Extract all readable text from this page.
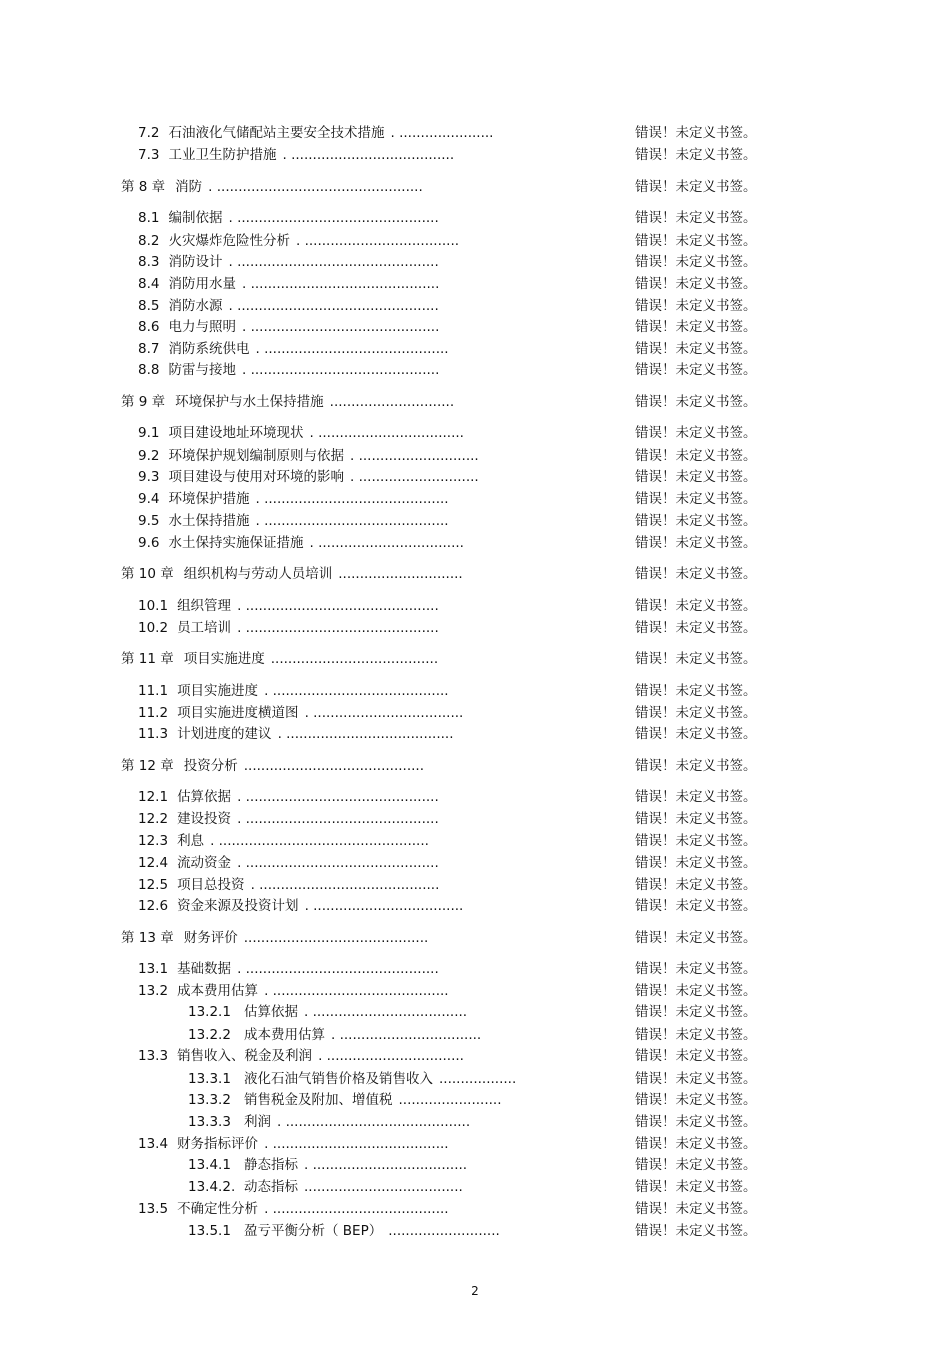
7.2 石油液化气储配站主要安全技术措施 . ......................	错误！未定义书签。
7.3 工业卫生防护措施 . ......................................	错误！未定义书签。
第 8 章 消防 . ................................................	错误！未定义书签。
8.1 编制依据 . ...............................................	错误！未定义书签。
8.2 火灾爆炸危险性分析 . ....................................	错误！未定义书签。
8.3 消防设计 . ...............................................	错误！未定义书签。
8.4 消防用水量 . ............................................	错误！未定义书签。
8.5 消防水源 . ...............................................	错误！未定义书签。
8.6 电力与照明 . ............................................	错误！未定义书签。
8.7 消防系统供电 . ...........................................	错误！未定义书签。
8.8 防雷与接地 . ............................................	错误！未定义书签。
第 9 章 环境保护与水土保持措施 .............................	错误！未定义书签。
9.1 项目建设地址环境现状 . ..................................	错误！未定义书签。
9.2 环境保护规划编制原则与依据 . ............................	错误！未定义书签。
9.3 项目建设与使用对环境的影响 . ............................	错误！未定义书签。
9.4 环境保护措施 . ...........................................	错误！未定义书签。
9.5 水土保持措施 . ...........................................	错误！未定义书签。
9.6 水土保持实施保证措施 . ..................................	错误！未定义书签。
第 10 章 组织机构与劳动人员培训 .............................	错误！未定义书签。
10.1 组织管理 . .............................................	错误！未定义书签。
10.2 员工培训 . .............................................	错误！未定义书签。
第 11 章 项目实施进度 .......................................	错误！未定义书签。
11.1 项目实施进度 . .........................................	错误！未定义书签。
11.2 项目实施进度横道图 . ...................................	错误！未定义书签。
11.3 计划进度的建议 . .......................................	错误！未定义书签。
第 12 章 投资分析 ..........................................	错误！未定义书签。
12.1 估算依据 . .............................................	错误！未定义书签。
12.2 建设投资 . .............................................	错误！未定义书签。
12.3 利息 . .................................................	错误！未定义书签。
12.4 流动资金 . .............................................	错误！未定义书签。
12.5 项目总投资 . ..........................................	错误！未定义书签。
12.6 资金来源及投资计划 . ...................................	错误！未定义书签。
第 13 章 财务评价 ...........................................	错误！未定义书签。
13.1 基础数据 . .............................................	错误！未定义书签。
13.2 成本费用估算 . .........................................	错误！未定义书签。
13.2.1 估算依据 . ....................................	错误！未定义书签。
13.2.2 成本费用估算 . .................................	错误！未定义书签。
13.3 销售收入、税金及利润 . ................................	错误！未定义书签。
13.3.1 液化石油气销售价格及销售收入 ..................	错误！未定义书签。
13.3.2 销售税金及附加、增值税 ........................	错误！未定义书签。
13.3.3 利润 . ...........................................	错误！未定义书签。
13.4 财务指标评价 . .........................................	错误！未定义书签。
13.4.1 静态指标 . ....................................	错误！未定义书签。
13.4.2. 动态指标 .....................................	错误！未定义书签。
13.5 不确定性分析 . .........................................	错误！未定义书签。
13.5.1 盈亏平衡分析（ BEP） ..........................	错误！未定义书签。
2
